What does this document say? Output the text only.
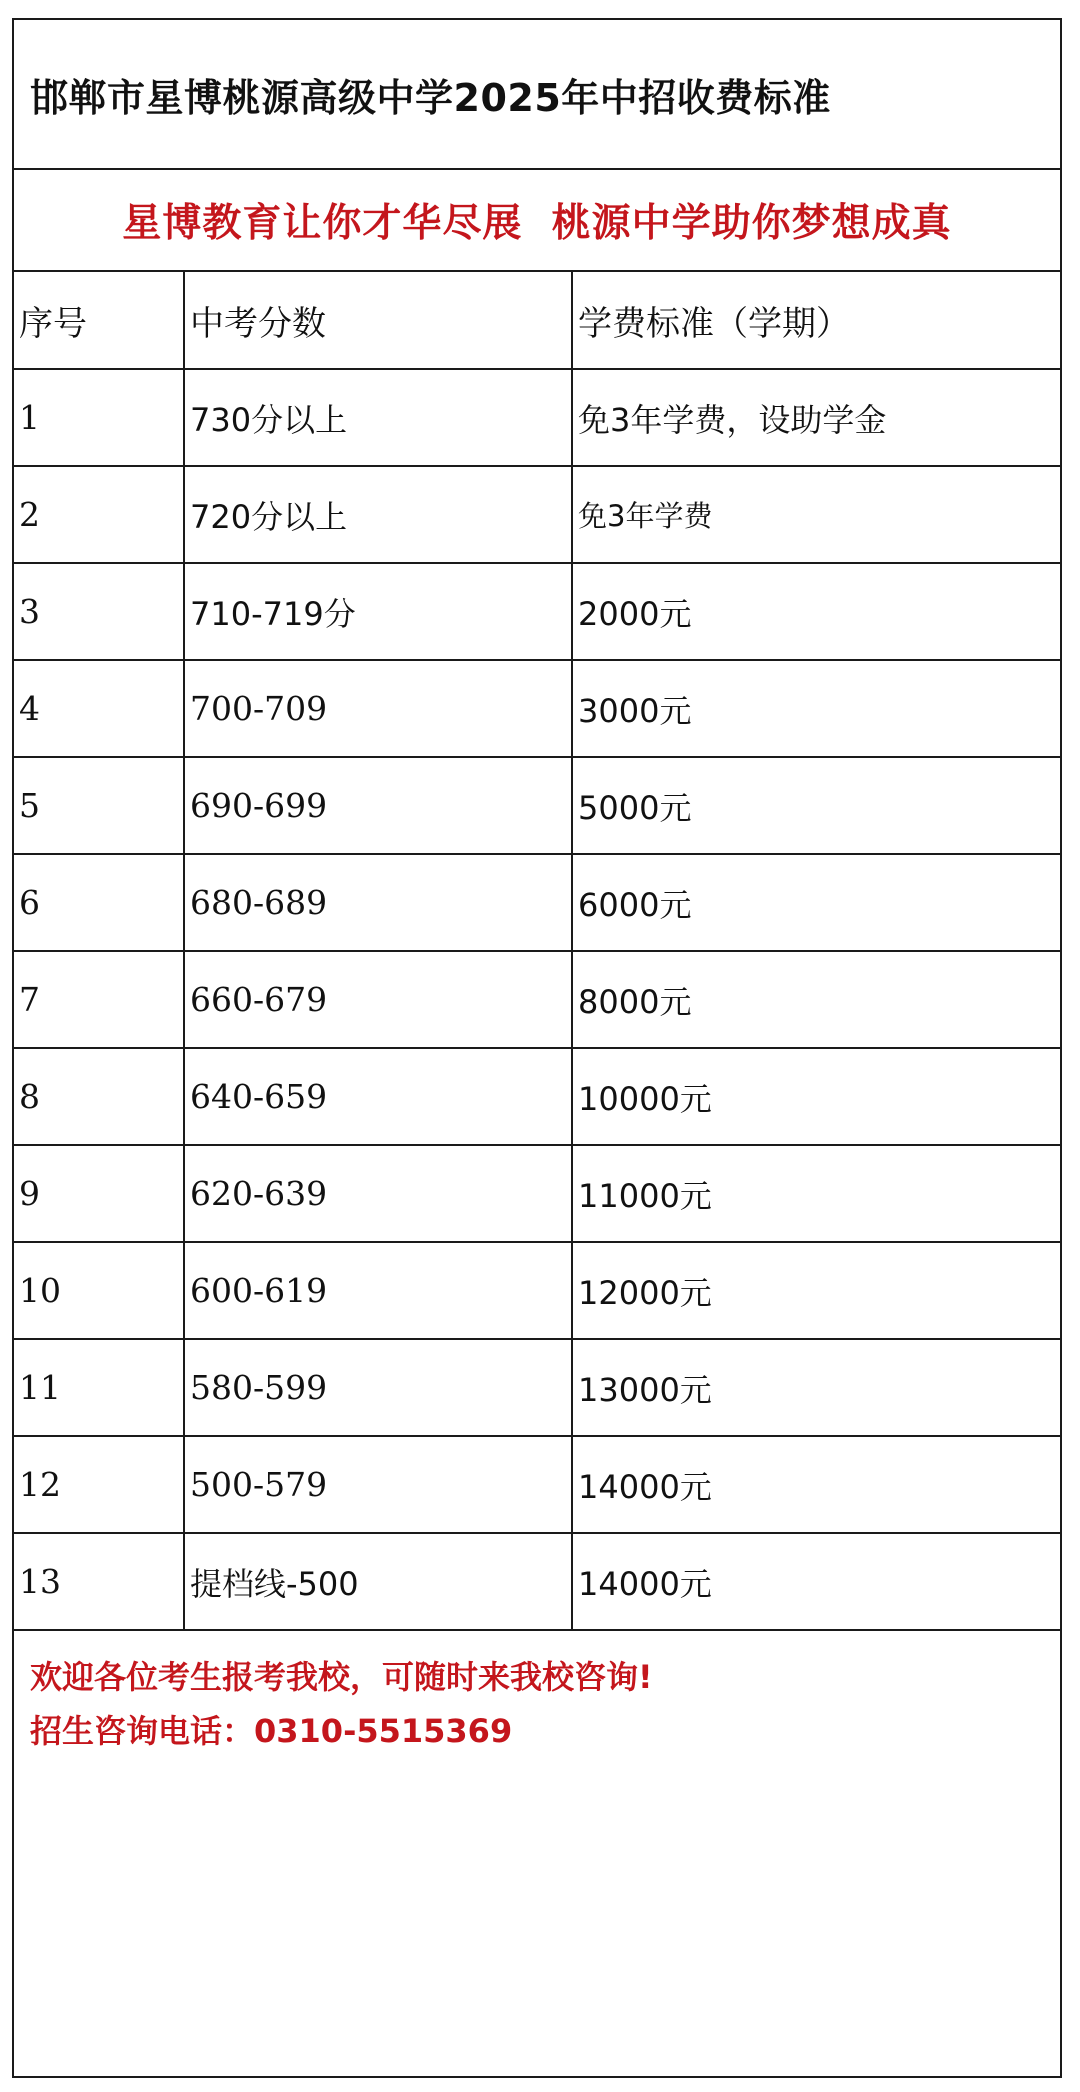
邯郸市星博桃源高级中学2025年中招收费标准
星博教育让你才华尽展  桃源中学助你梦想成真
序号	中考分数	学费标准（学期）
1	730分以上	免3年学费，设助学金
2	720分以上	免3年学费
3	710-719分	2000元
4	700-709	3000元
5	690-699	5000元
6	680-689	6000元
7	660-679	8000元
8	640-659	10000元
9	620-639	11000元
10	600-619	12000元
11	580-599	13000元
12	500-579	14000元
13	提档线-500	14000元
欢迎各位考生报考我校，可随时来我校咨询!
招生咨询电话：0310-5515369
